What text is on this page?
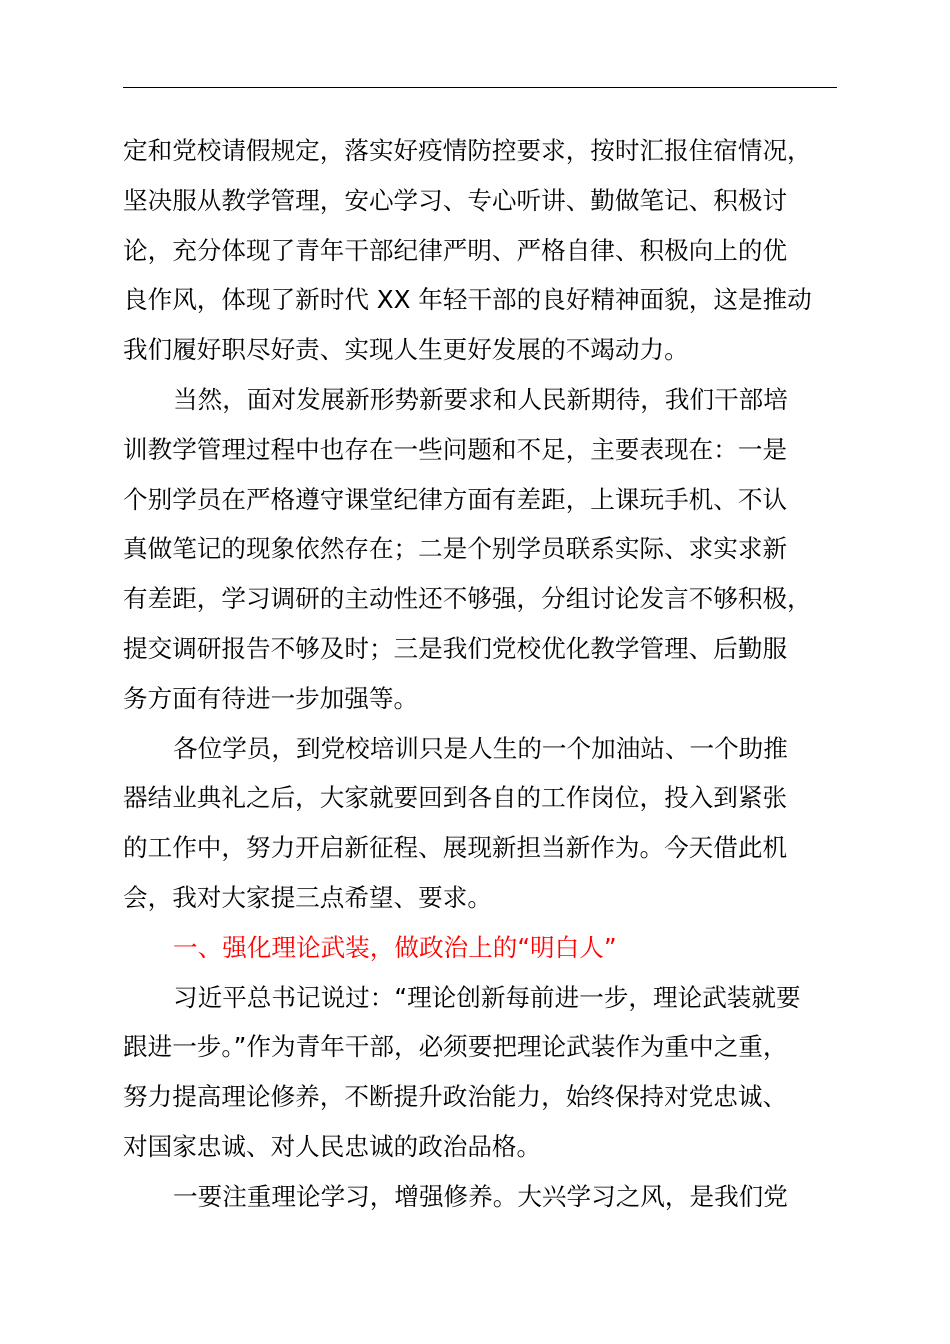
定和党校请假规定，落实好疫情防控要求，按时汇报住宿情况，
坚决服从教学管理，安心学习、专心听讲、勤做笔记、积极讨
论，充分体现了青年干部纪律严明、严格自律、积极向上的优
良作风，体现了新时代 XX 年轻干部的良好精神面貌，这是推动
我们履好职尽好责、实现人生更好发展的不竭动力。
当然，面对发展新形势新要求和人民新期待，我们干部培
训教学管理过程中也存在一些问题和不足，主要表现在：一是
个别学员在严格遵守课堂纪律方面有差距，上课玩手机、不认
真做笔记的现象依然存在；二是个别学员联系实际、求实求新
有差距，学习调研的主动性还不够强，分组讨论发言不够积极，
提交调研报告不够及时；三是我们党校优化教学管理、后勤服
务方面有待进一步加强等。
各位学员，到党校培训只是人生的一个加油站、一个助推
器结业典礼之后，大家就要回到各自的工作岗位，投入到紧张
的工作中，努力开启新征程、展现新担当新作为。今天借此机
会，我对大家提三点希望、要求。
一、强化理论武装，做政治上的“明白人”
习近平总书记说过：“理论创新每前进一步，理论武装就要
跟进一步。”作为青年干部，必须要把理论武装作为重中之重，
努力提高理论修养，不断提升政治能力，始终保持对党忠诚、
对国家忠诚、对人民忠诚的政治品格。
一要注重理论学习，增强修养。大兴学习之风，是我们党
